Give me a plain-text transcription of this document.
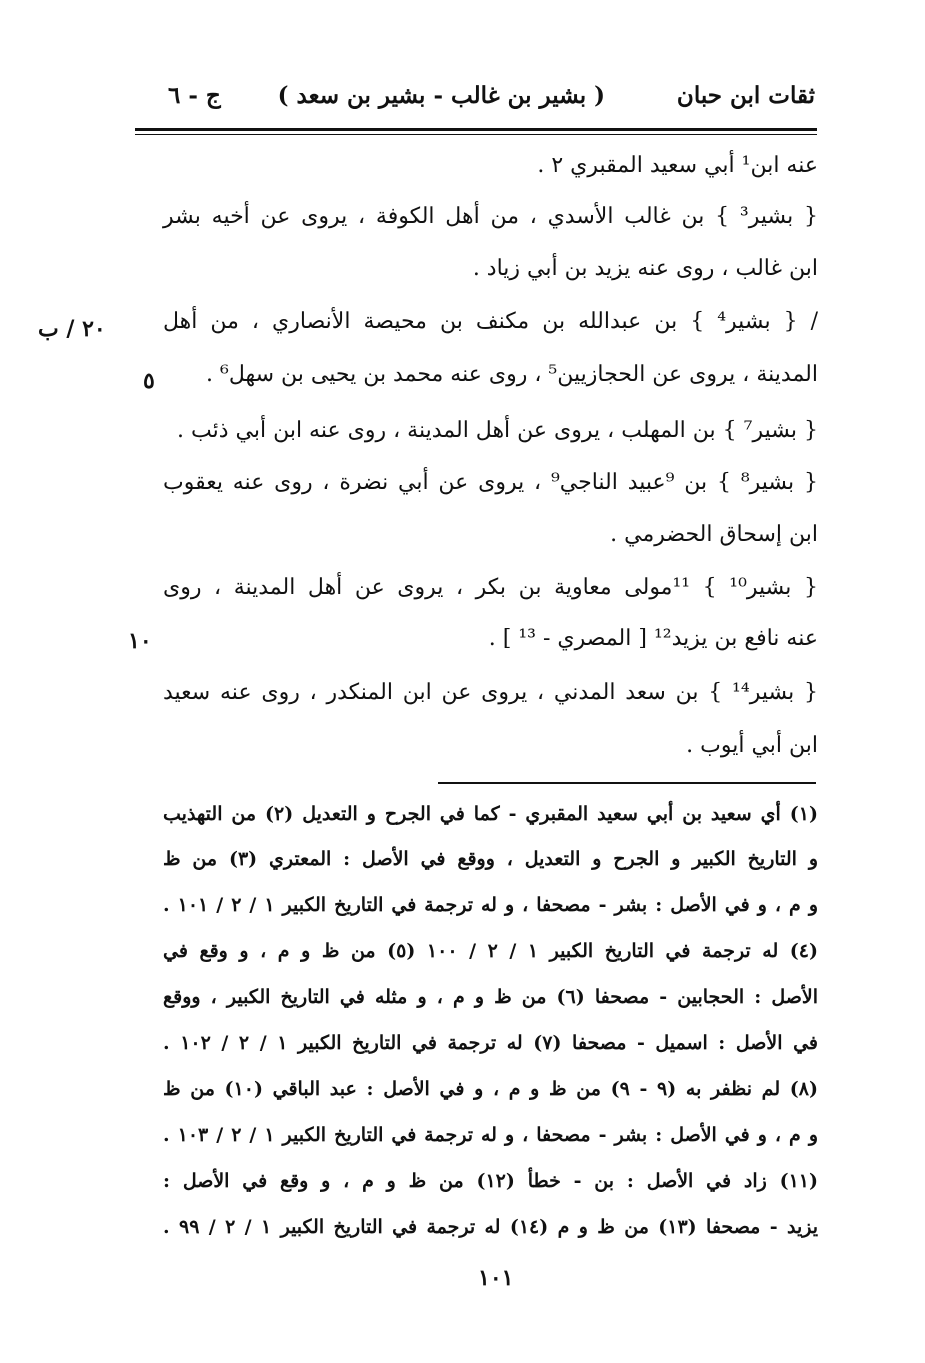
ثقات ابن حبان
( بشير بن غالب - بشير بن سعد )
ج - ٦
٢٠ / ب
٥
١٠
عنه ابن¹ أبي سعيد المقبري ٢ .
{ بشير³ } بن غالب الأسدي ، من أهل الكوفة ، يروى عن أخيه بشر
ابن غالب ، روى عنه يزيد بن أبي زياد .
/ { بشير⁴ } بن عبدالله بن مكنف بن محيصة الأنصاري ، من أهل
المدينة ، يروى عن الحجازيين⁵ ، روى عنه محمد بن يحيى بن سهل⁶ .
{ بشير⁷ } بن المهلب ، يروى عن أهل المدينة ، روى عنه ابن أبي ذئب .
{ بشير⁸ } بن ⁹عبيد الناجي⁹ ، يروى عن أبي نضرة ، روى عنه يعقوب
ابن إسحاق الحضرمي .
{ بشير¹⁰ } ¹¹مولى معاوية بن بكر ، يروى عن أهل المدينة ، روى
عنه نافع بن يزيد¹² [ المصري - ¹³ ] .
{ بشير¹⁴ } بن سعد المدني ، يروى عن ابن المنكدر ، روى عنه سعيد
ابن أبي أيوب .
(١) أي سعيد بن أبي سعيد المقبري - كما في الجرح و التعديل (٢) من التهذيب
و التاريخ الكبير و الجرح و التعديل ، ووقع في الأصل : المعتري (٣) من ظ
و م ، و في الأصل : بشر - مصحفا ، و له ترجمة في التاريخ الكبير ١ / ٢ / ١٠١ .
(٤) له ترجمة في التاريخ الكبير ١ / ٢ / ١٠٠ (٥) من ظ و م ، و وقع في
الأصل : الحجابين - مصحفا (٦) من ظ و م ، و مثله في التاريخ الكبير ، ووقع
في الأصل : اسميل - مصحفا (٧) له ترجمة في التاريخ الكبير ١ / ٢ / ١٠٢ .
(٨) لم نظفر به (٩ - ٩) من ظ و م ، و في الأصل : عبد الباقي (١٠) من ظ
و م ، و في الأصل : بشر - مصحفا ، و له ترجمة في التاريخ الكبير ١ / ٢ / ١٠٣ .
(١١) زاد في الأصل : بن - خطأ (١٢) من ظ و م ، و وقع في الأصل :
يزيد - مصحفا (١٣) من ظ و م (١٤) له ترجمة في التاريخ الكبير ١ / ٢ / ٩٩ .
١٠١
